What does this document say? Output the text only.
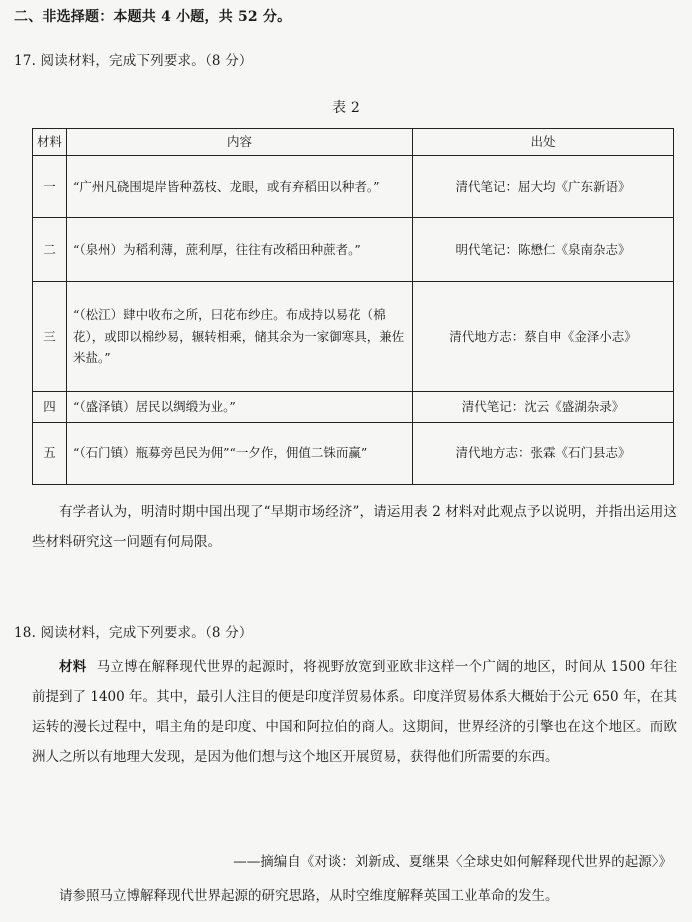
二、非选择题：本题共 4 小题，共 52 分。
17. 阅读材料，完成下列要求。（8 分）
表 2
材料	内容	出处
一	“广州凡硗围堤岸皆种荔枝、龙眼，或有弃稻田以种者。”	清代笔记：屈大均《广东新语》
二	“（泉州）为稻利薄，蔗利厚，往往有改稻田种蔗者。”	明代笔记：陈懋仁《泉南杂志》
三	“（松江）肆中收布之所，曰花布纱庄。布成持以易花（棉花），或即以棉纱易，辗转相乘，储其余为一家御寒具，兼佐米盐。”	清代地方志：蔡自申《金泽小志》
四	“（盛泽镇）居民以绸缎为业。”	清代笔记：沈云《盛湖杂录》
五	“（石门镇）瓶募旁邑民为佣”“一夕作，佣值二铢而赢”	清代地方志：张霖《石门县志》
有学者认为，明清时期中国出现了“早期市场经济”，请运用表 2 材料对此观点予以说明，并指出运用这些材料研究这一问题有何局限。
18. 阅读材料，完成下列要求。（8 分）
材料 马立博在解释现代世界的起源时，将视野放宽到亚欧非这样一个广阔的地区，时间从 1500 年往前提到了 1400 年。其中，最引人注目的便是印度洋贸易体系。印度洋贸易体系大概始于公元 650 年，在其运转的漫长过程中，唱主角的是印度、中国和阿拉伯的商人。这期间，世界经济的引擎也在这个地区。而欧洲人之所以有地理大发现，是因为他们想与这个地区开展贸易，获得他们所需要的东西。
——摘编自《对谈：刘新成、夏继果〈全球史如何解释现代世界的起源〉》
请参照马立博解释现代世界起源的研究思路，从时空维度解释英国工业革命的发生。
